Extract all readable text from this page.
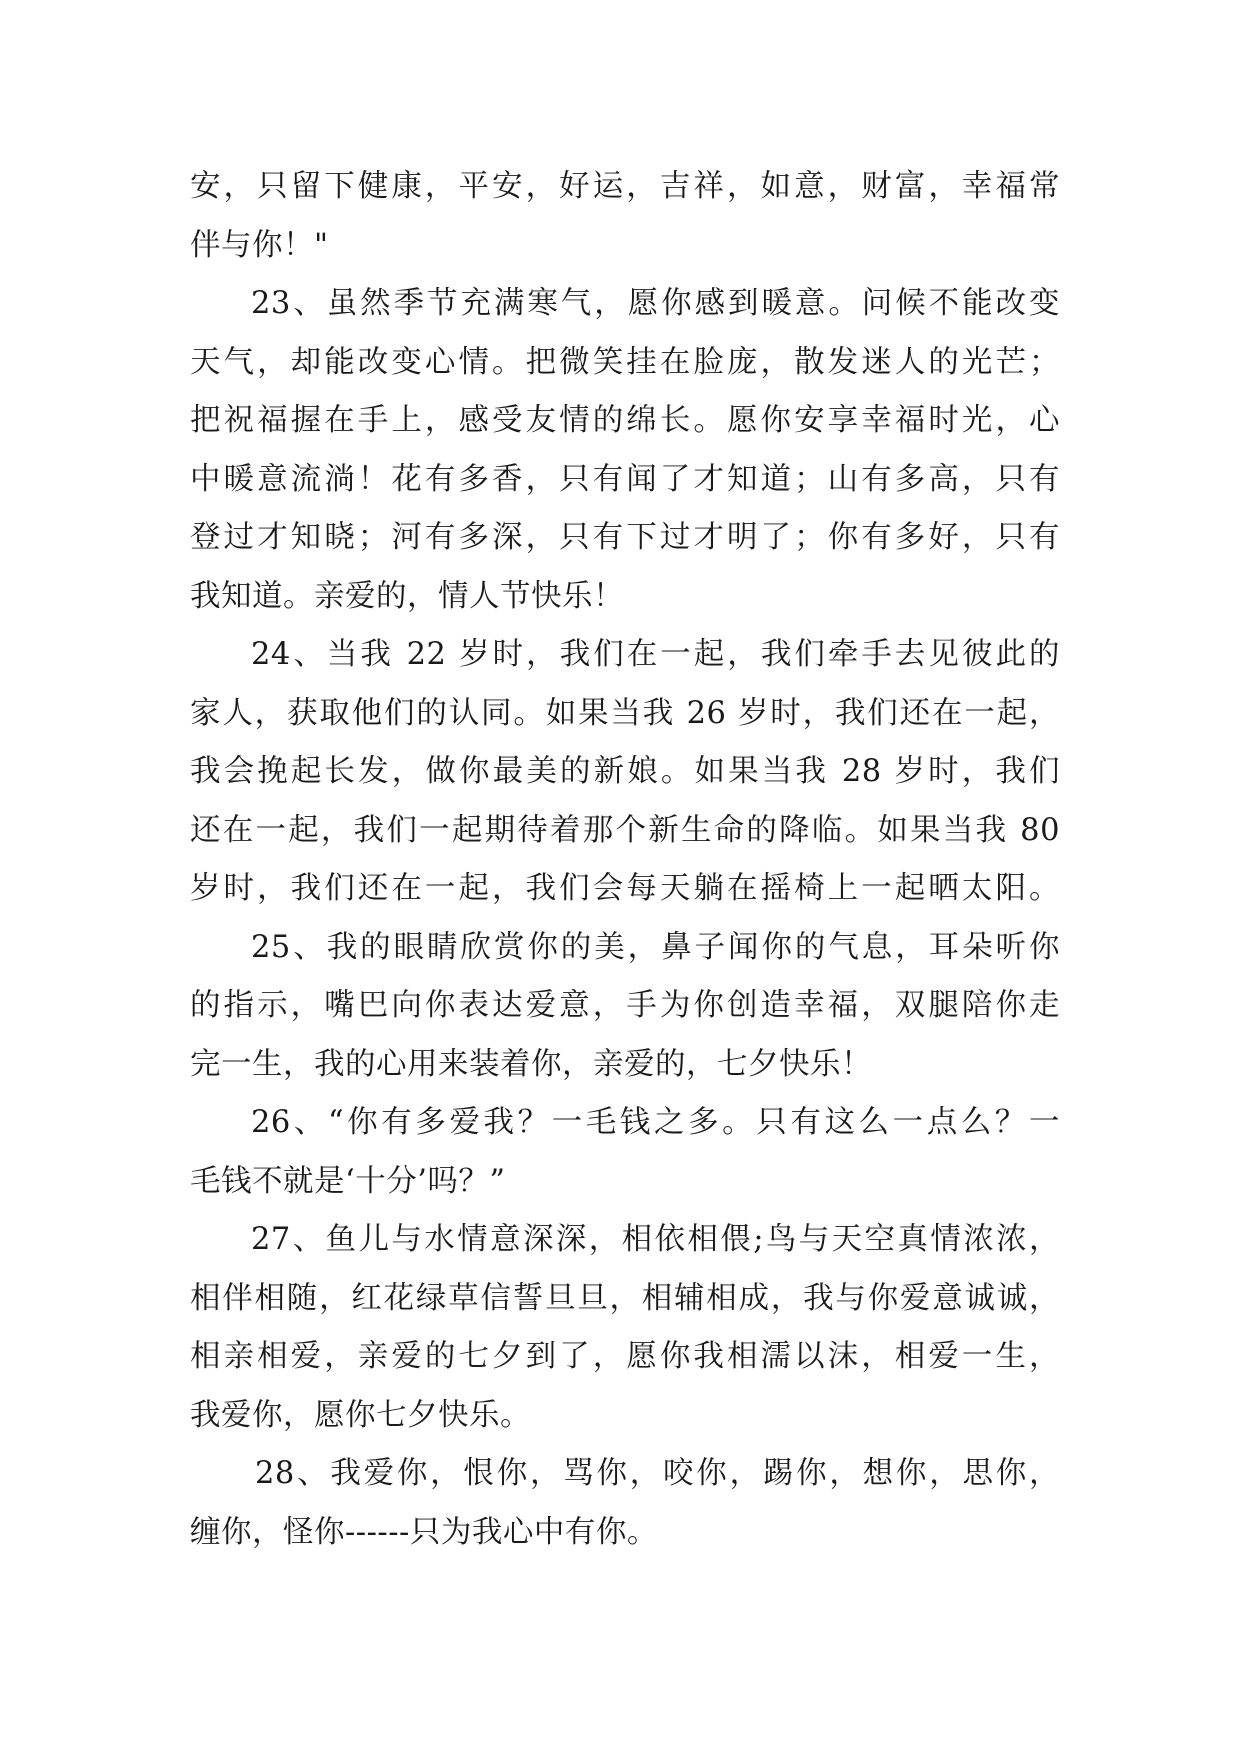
安，只留下健康，平安，好运，吉祥，如意，财富，幸福常
伴与你！"
23、虽然季节充满寒气，愿你感到暖意。问候不能改变
天气，却能改变心情。把微笑挂在脸庞，散发迷人的光芒；
把祝福握在手上，感受友情的绵长。愿你安享幸福时光，心
中暖意流淌！花有多香，只有闻了才知道；山有多高，只有
登过才知晓；河有多深，只有下过才明了；你有多好，只有
我知道。亲爱的，情人节快乐！
24、当我 22 岁时，我们在一起，我们牵手去见彼此的
家人，获取他们的认同。如果当我 26 岁时，我们还在一起，
我会挽起长发，做你最美的新娘。如果当我 28 岁时，我们
还在一起，我们一起期待着那个新生命的降临。如果当我 80
岁时，我们还在一起，我们会每天躺在摇椅上一起晒太阳。
25、我的眼睛欣赏你的美，鼻子闻你的气息，耳朵听你
的指示，嘴巴向你表达爱意，手为你创造幸福，双腿陪你走
完一生，我的心用来装着你，亲爱的，七夕快乐！
26、“你有多爱我？一毛钱之多。只有这么一点么？一
毛钱不就是‘十分’吗？”
27、鱼儿与水情意深深，相依相偎;鸟与天空真情浓浓，
相伴相随，红花绿草信誓旦旦，相辅相成，我与你爱意诚诚，
相亲相爱，亲爱的七夕到了，愿你我相濡以沫，相爱一生，
我爱你，愿你七夕快乐。
28、我爱你，恨你，骂你，咬你，踢你，想你，思你，
缠你，怪你------只为我心中有你。
